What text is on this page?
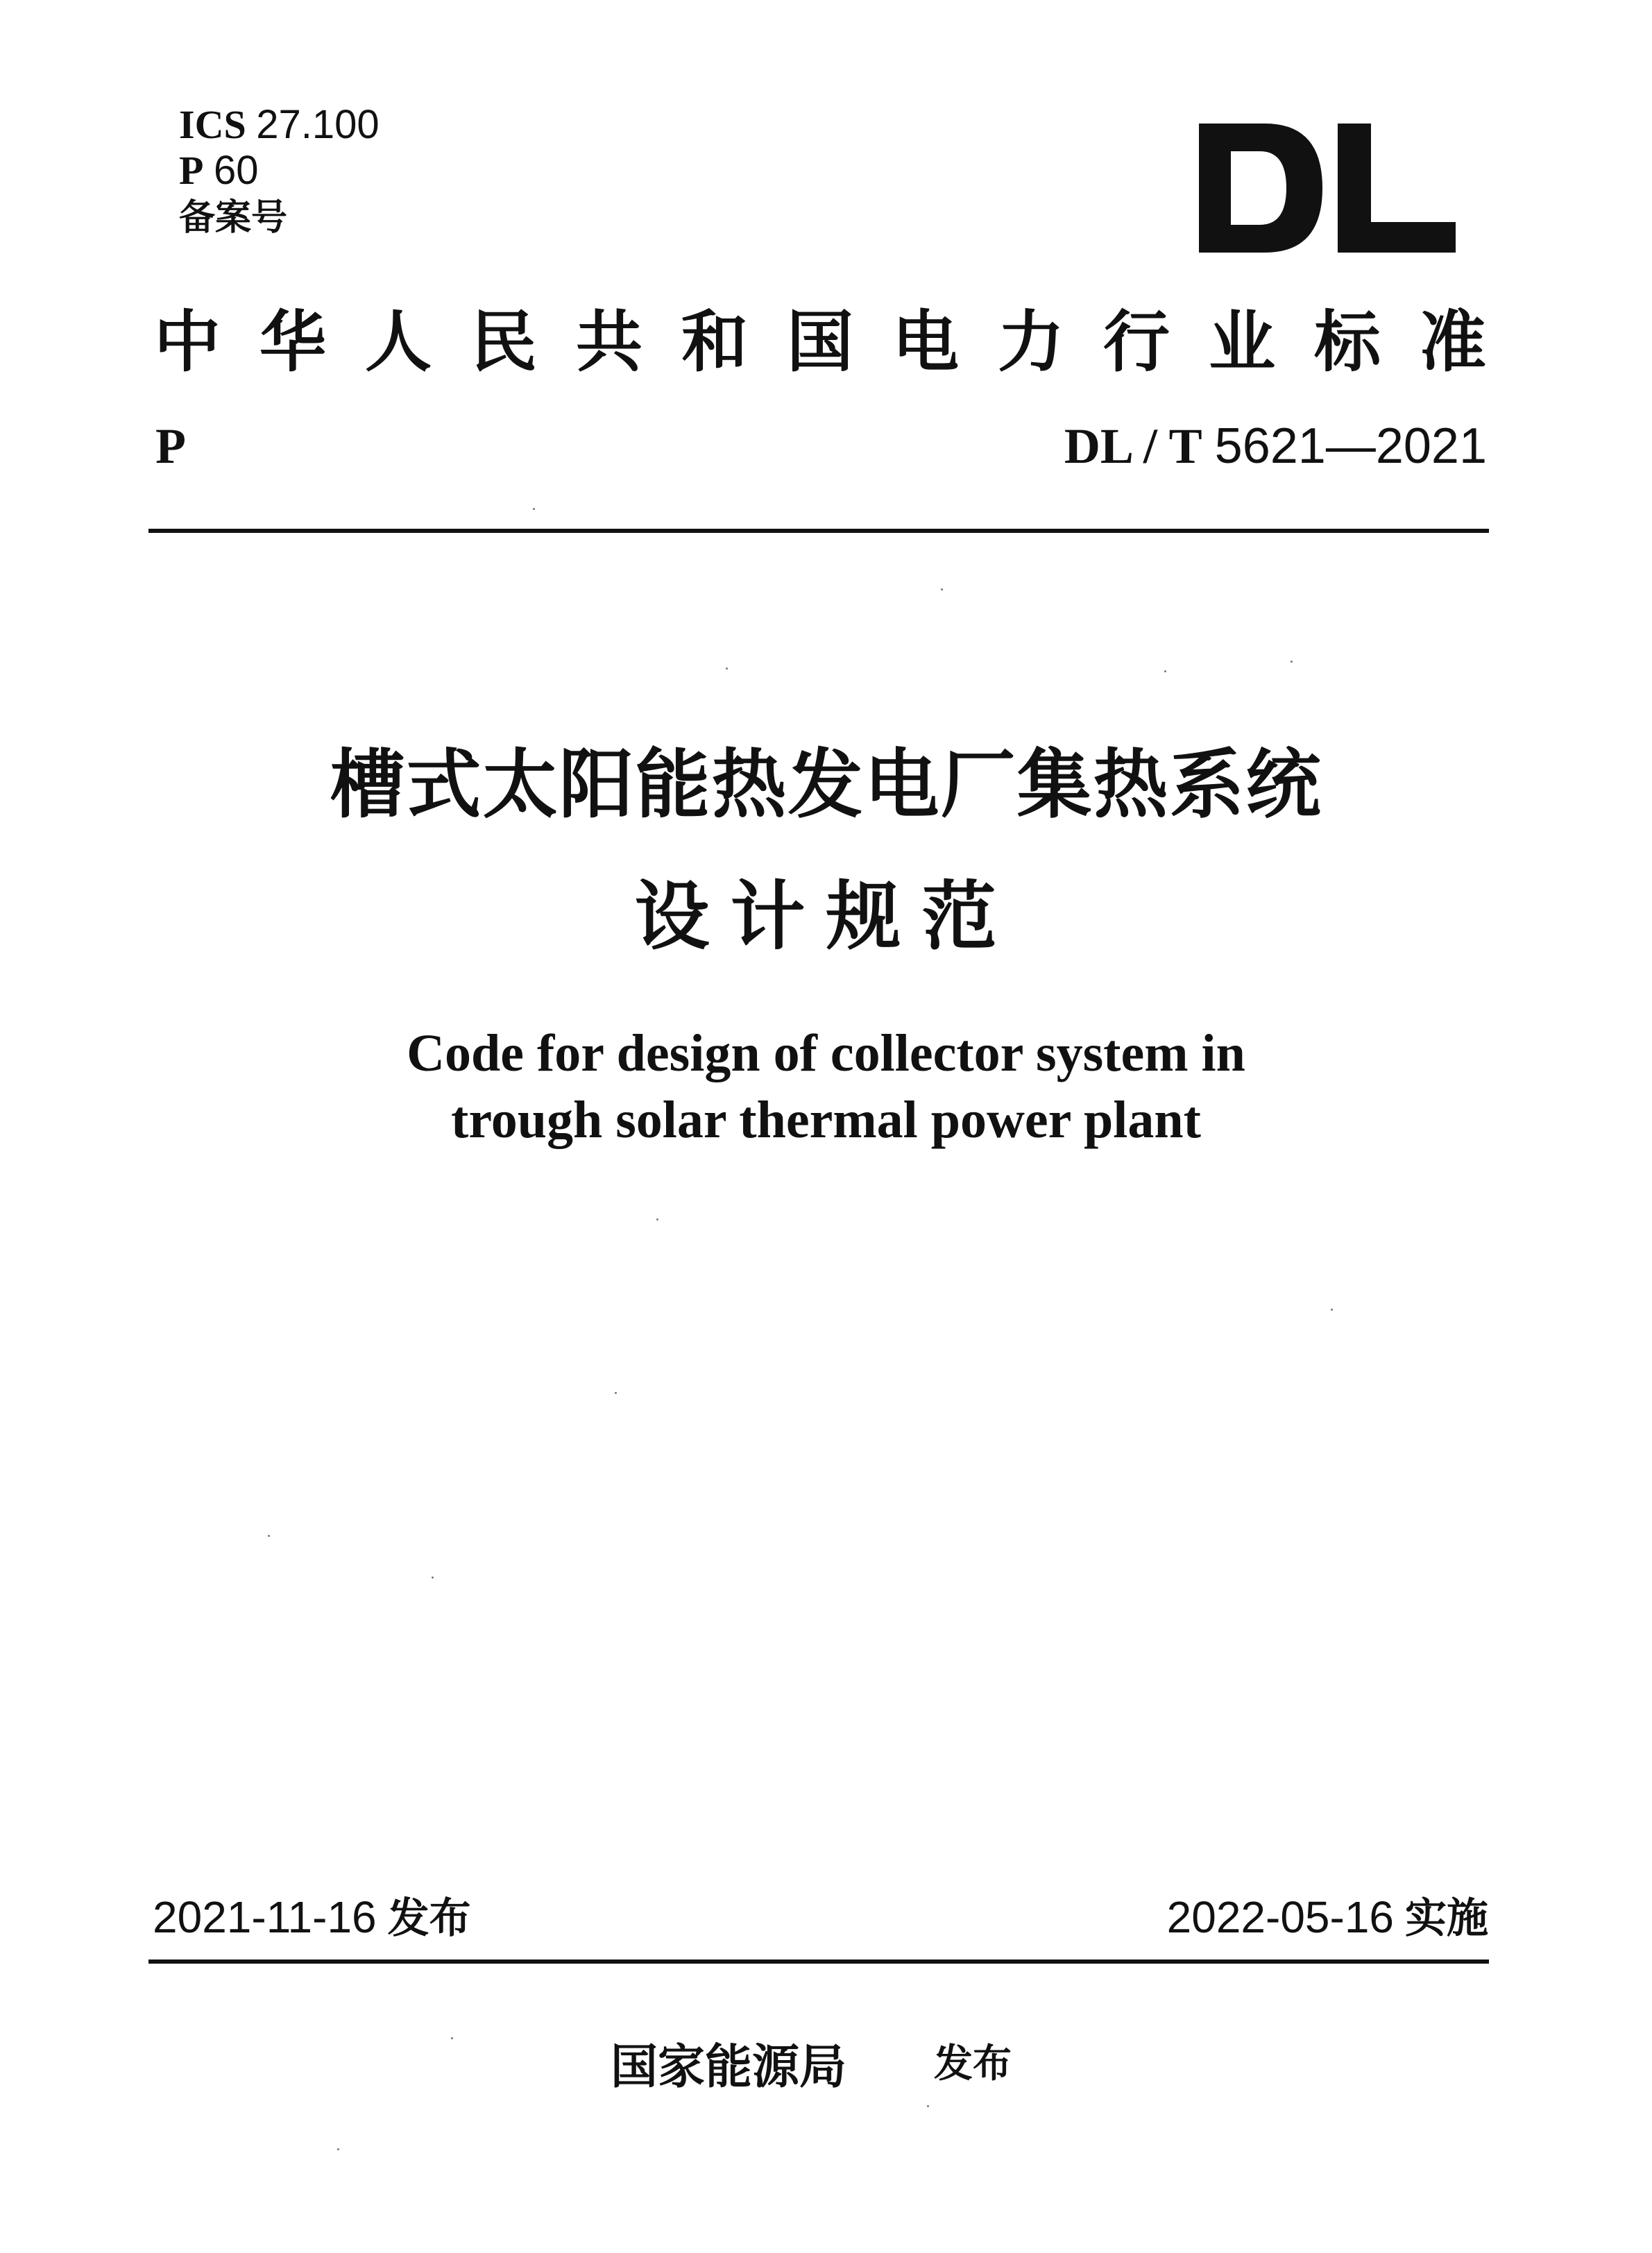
ICS 27.100
P 60
备案号
中 华 人 民 共 和 国 电 力 行 业 标 准
P	DL / T 5621—2021
槽式太阳能热发电厂集热系统
设计规范
Code for design of collector system in
trough solar thermal power plant
2021-11-16 发布	2022-05-16 实施
国家能源局 发布
